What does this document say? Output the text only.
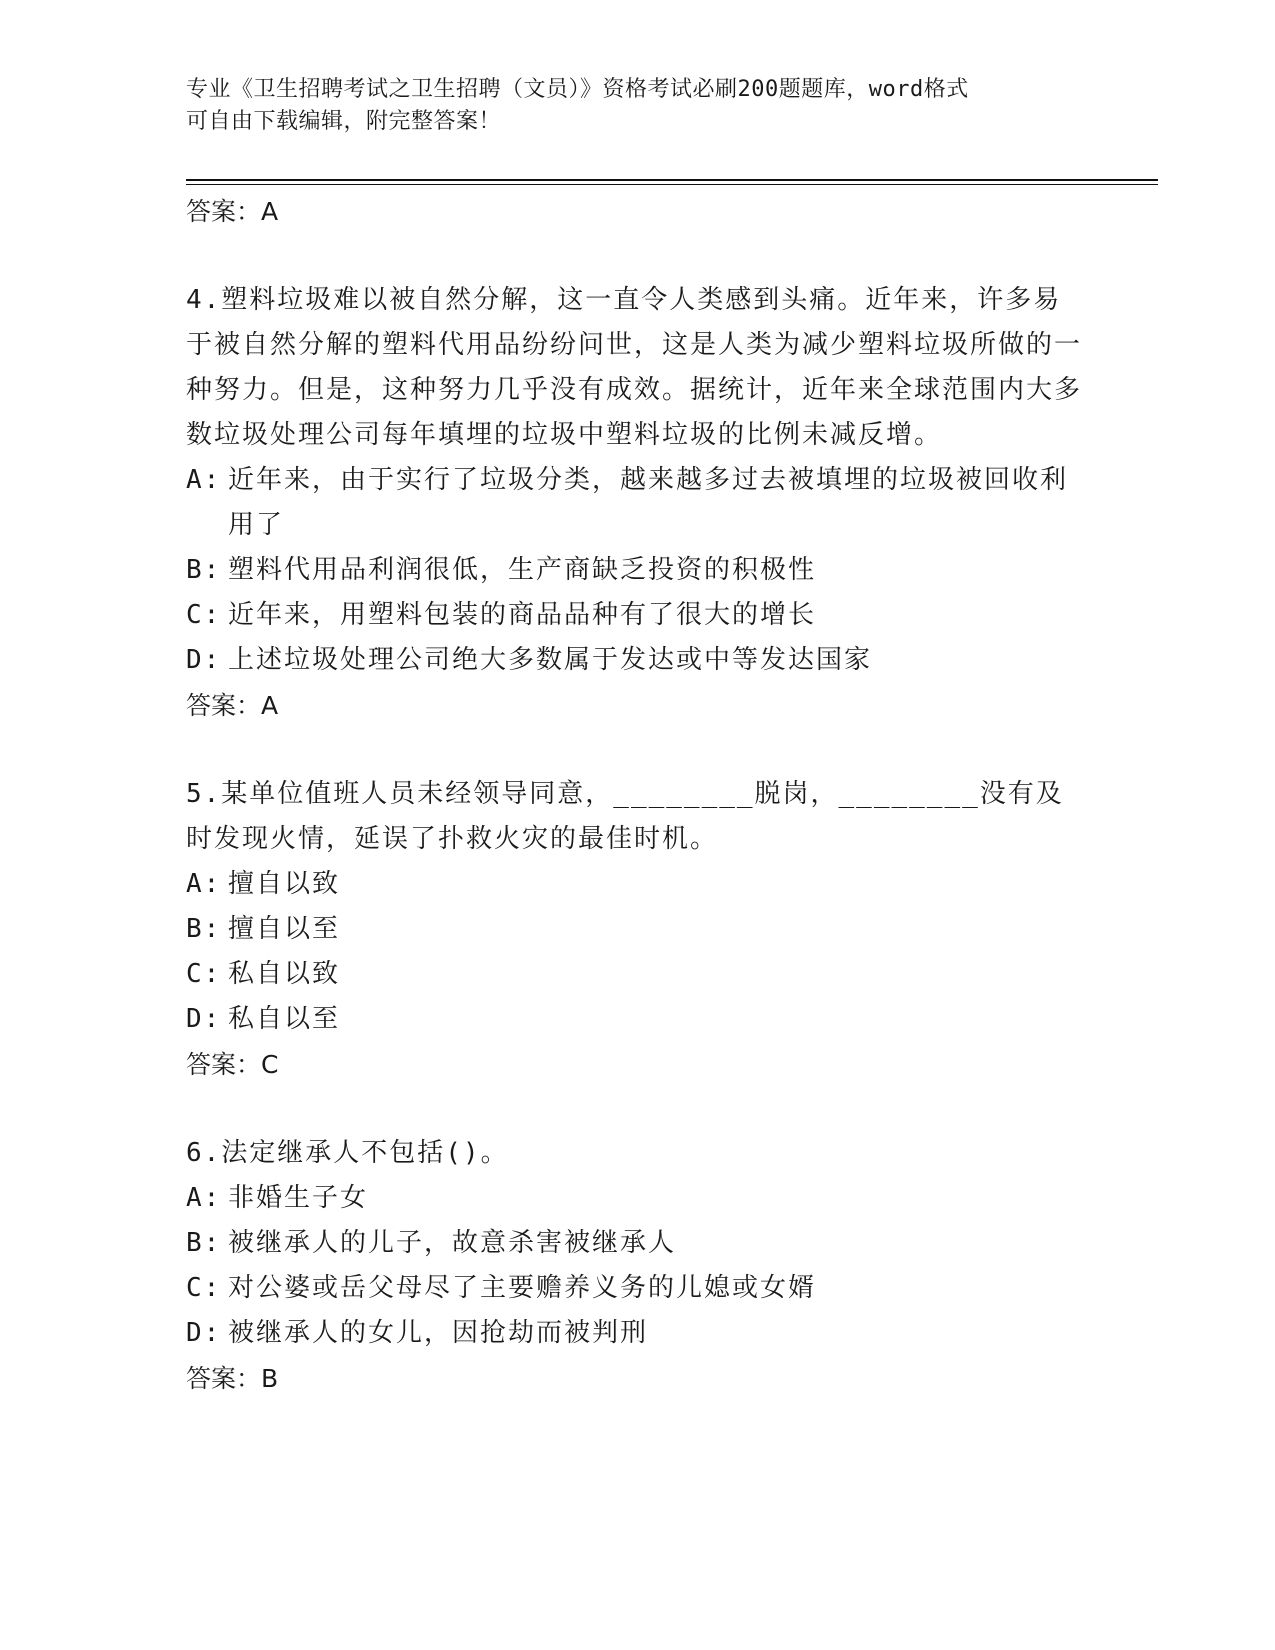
专业《卫生招聘考试之卫生招聘（文员）》资格考试必刷200题题库，word格式
可自由下载编辑，附完整答案！
答案：A

4.塑料垃圾难以被自然分解，这一直令人类感到头痛。近年来，许多易于被自然分解的塑料代用品纷纷问世，这是人类为减少塑料垃圾所做的一种努力。但是，这种努力几乎没有成效。据统计，近年来全球范围内大多数垃圾处理公司每年填埋的垃圾中塑料垃圾的比例未减反增。

A: 近年来，由于实行了垃圾分类，越来越多过去被填埋的垃圾被回收利用了
B: 塑料代用品利润很低，生产商缺乏投资的积极性
C: 近年来，用塑料包装的商品品种有了很大的增长
D: 上述垃圾处理公司绝大多数属于发达或中等发达国家
答案：A

5.某单位值班人员未经领导同意，________脱岗，________没有及时发现火情，延误了扑救火灾的最佳时机。

A: 擅自以致
B: 擅自以至
C: 私自以致
D: 私自以至
答案：C

6.法定继承人不包括()。

A: 非婚生子女
B: 被继承人的儿子，故意杀害被继承人
C: 对公婆或岳父母尽了主要赡养义务的儿媳或女婿
D: 被继承人的女儿，因抢劫而被判刑
答案：B
